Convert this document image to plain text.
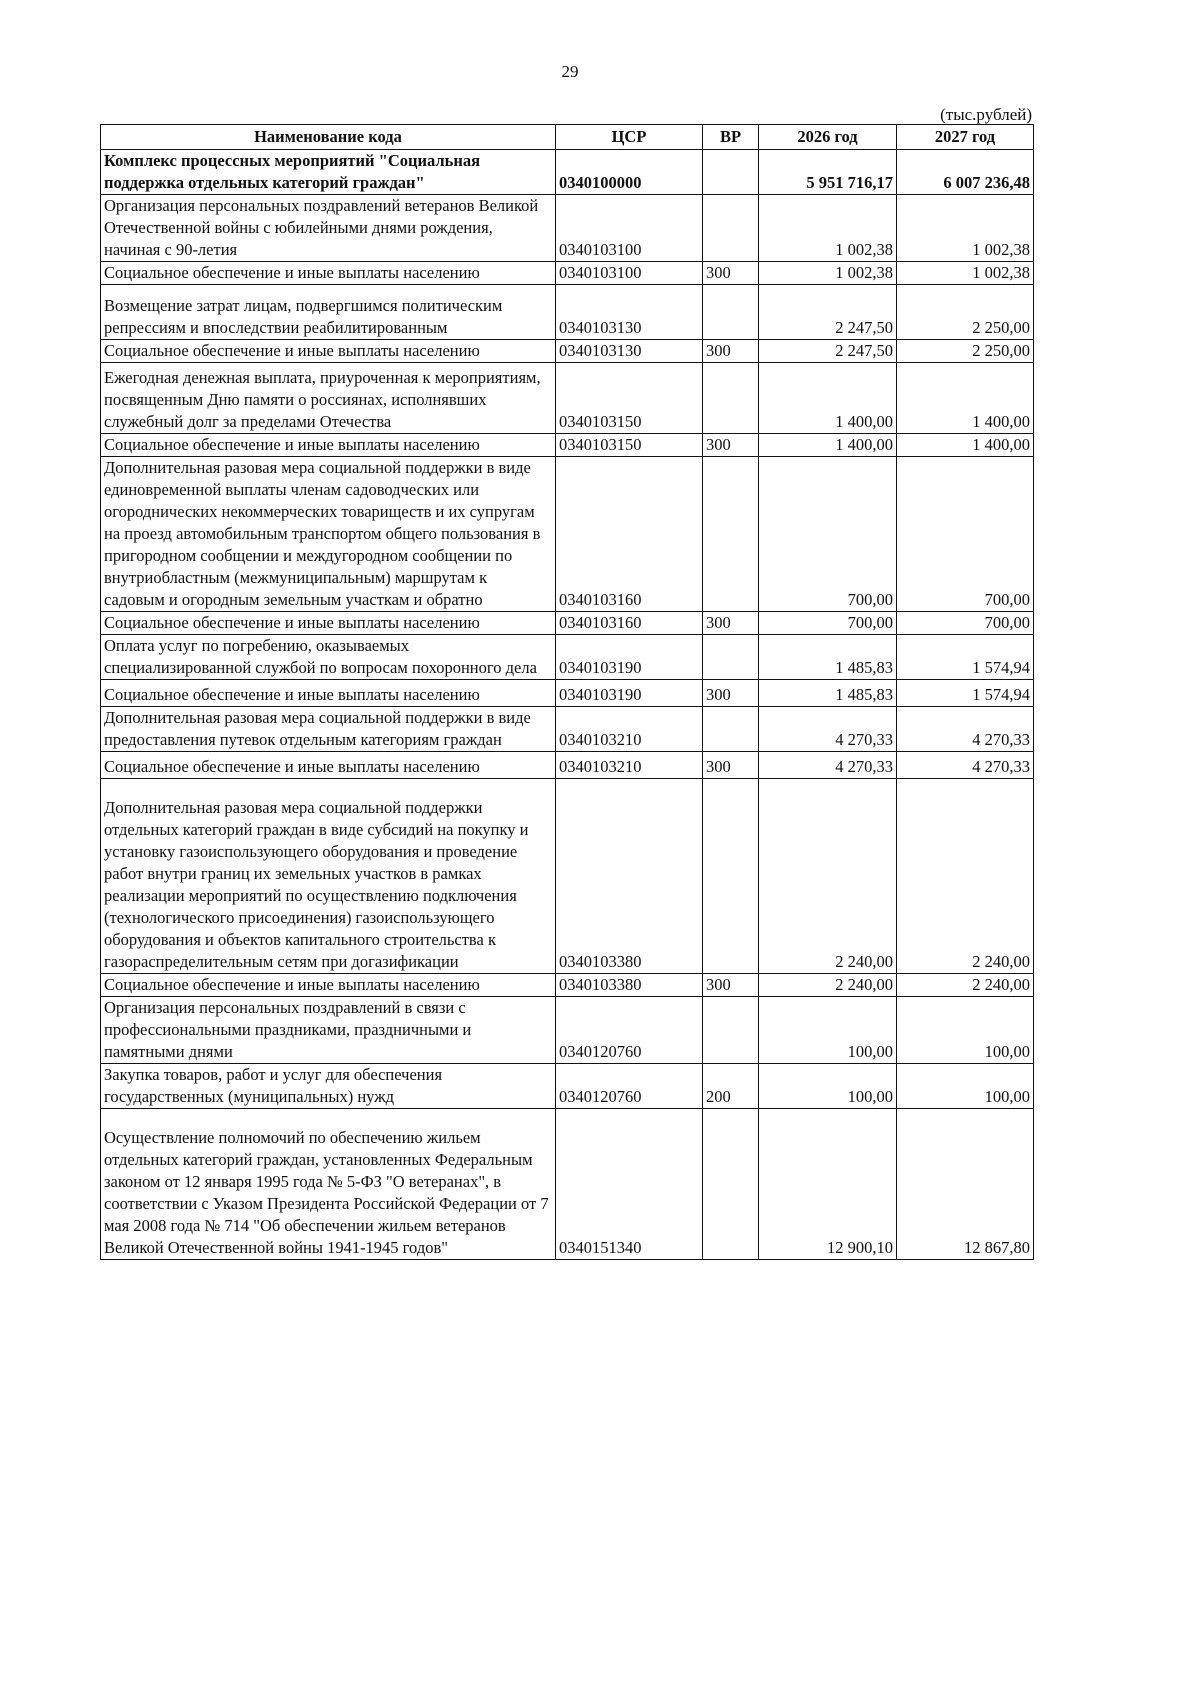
29
(тыс.рублей)
Наименование кода	ЦСР	ВР	2026 год	2027 год
Комплекс процессных мероприятий "Социальная поддержка отдельных категорий граждан"	0340100000		5 951 716,17	6 007 236,48
Организация персональных поздравлений ветеранов Великой Отечественной войны с юбилейными днями рождения, начиная с 90-летия	0340103100		1 002,38	1 002,38
Социальное обеспечение и иные выплаты населению	0340103100	300	1 002,38	1 002,38
Возмещение затрат лицам, подвергшимся политическим репрессиям и впоследствии реабилитированным	0340103130		2 247,50	2 250,00
Социальное обеспечение и иные выплаты населению	0340103130	300	2 247,50	2 250,00
Ежегодная денежная выплата, приуроченная к мероприятиям, посвященным Дню памяти о россиянах, исполнявших служебный долг за пределами Отечества	0340103150		1 400,00	1 400,00
Социальное обеспечение и иные выплаты населению	0340103150	300	1 400,00	1 400,00
Дополнительная разовая мера социальной поддержки в виде единовременной выплаты членам садоводческих или огороднических некоммерческих товариществ и их супругам на проезд автомобильным транспортом общего пользования в пригородном сообщении и междугородном сообщении по внутриобластным (межмуниципальным) маршрутам к садовым и огородным земельным участкам и обратно	0340103160		700,00	700,00
Социальное обеспечение и иные выплаты населению	0340103160	300	700,00	700,00
Оплата услуг по погребению, оказываемых специализированной службой по вопросам похоронного дела	0340103190		1 485,83	1 574,94
Социальное обеспечение и иные выплаты населению	0340103190	300	1 485,83	1 574,94
Дополнительная разовая мера социальной поддержки в виде предоставления путевок отдельным категориям граждан	0340103210		4 270,33	4 270,33
Социальное обеспечение и иные выплаты населению	0340103210	300	4 270,33	4 270,33
Дополнительная разовая мера социальной поддержки отдельных категорий граждан в виде субсидий на покупку и установку газоиспользующего оборудования и проведение работ внутри границ их земельных участков в рамках реализации мероприятий по осуществлению подключения (технологического присоединения) газоиспользующего оборудования и объектов капитального строительства к газораспределительным сетям при догазификации	0340103380		2 240,00	2 240,00
Социальное обеспечение и иные выплаты населению	0340103380	300	2 240,00	2 240,00
Организация персональных поздравлений в связи с профессиональными праздниками, праздничными и памятными днями	0340120760		100,00	100,00
Закупка товаров, работ и услуг для обеспечения государственных (муниципальных) нужд	0340120760	200	100,00	100,00
Осуществление полномочий по обеспечению жильем отдельных категорий граждан, установленных Федеральным законом от 12 января 1995 года № 5-ФЗ "О ветеранах", в соответствии с Указом Президента Российской Федерации от 7 мая 2008 года № 714 "Об обеспечении жильем ветеранов Великой Отечественной войны 1941-1945 годов"	0340151340		12 900,10	12 867,80
